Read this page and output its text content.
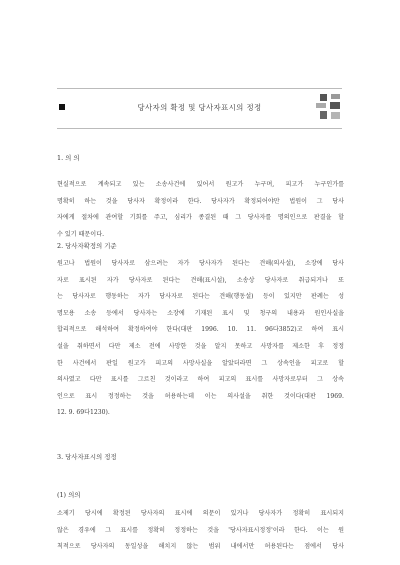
당사자의 확정 및 당사자표시의 정정
1. 의 의
현실적으로 계속되고 있는 소송사건에 있어서 원고가 누구며, 피고가 누구인가를
명확히 하는 것을 당사자 확정이라 한다. 당사자가 확정되어야만 법원이 그 당사
자에게 절차에 관여할 기회를 주고, 심리가 종결된 때 그 당사자를 명의인으로 판결을 할
수 있기 때문이다.
2. 당사자확정의 기준
원고나 법원이 당사자로 삼으려는 자가 당사자가 된다는 견해(의사설), 소장에 당사
자로 표시된 자가 당사자로 된다는 견해(표시설), 소송상 당사자로 취급되거나 또
는 당사자로 행동하는 자가 당사자로 된다는 견해(행동설) 등이 있지만 판례는 성
명모용 소송 등에서 당사자는 소장에 기재된 표시 및 청구의 내용과 원인사실을
합리적으로 해석하여 확정하여야 한다(대판 1996. 10. 11. 96다3852)고 하여 표시
설을 취하면서 다만 제소 전에 사망한 것을 알지 못하고 사망자를 제소한 후 정정
한 사건에서 판일 원고가 피고의 사망사실을 알았더라면 그 상속인을 피고로 할
의사였고 다만 표시를 그르친 것이라고 하여 피고의 표시를 사망자로부터 그 상속
인으로 표시 정정하는 것을 허용하는데 이는 의사설을 취한 것이다(대판 1969.
12. 9. 69다1230).
3. 당사자표시의 정정
(1) 의의
소제기 당시에 확정된 당사자의 표시에 의문이 있거나 당사자가 정확히 표시되지
않은 경우에 그 표시를 정확히 정정하는 것을 '당사자표시정정'이라 한다. 이는 원
칙적으로 당사자의 동일성을 해치지 않는 범위 내에서만 허용된다는 점에서 당사
